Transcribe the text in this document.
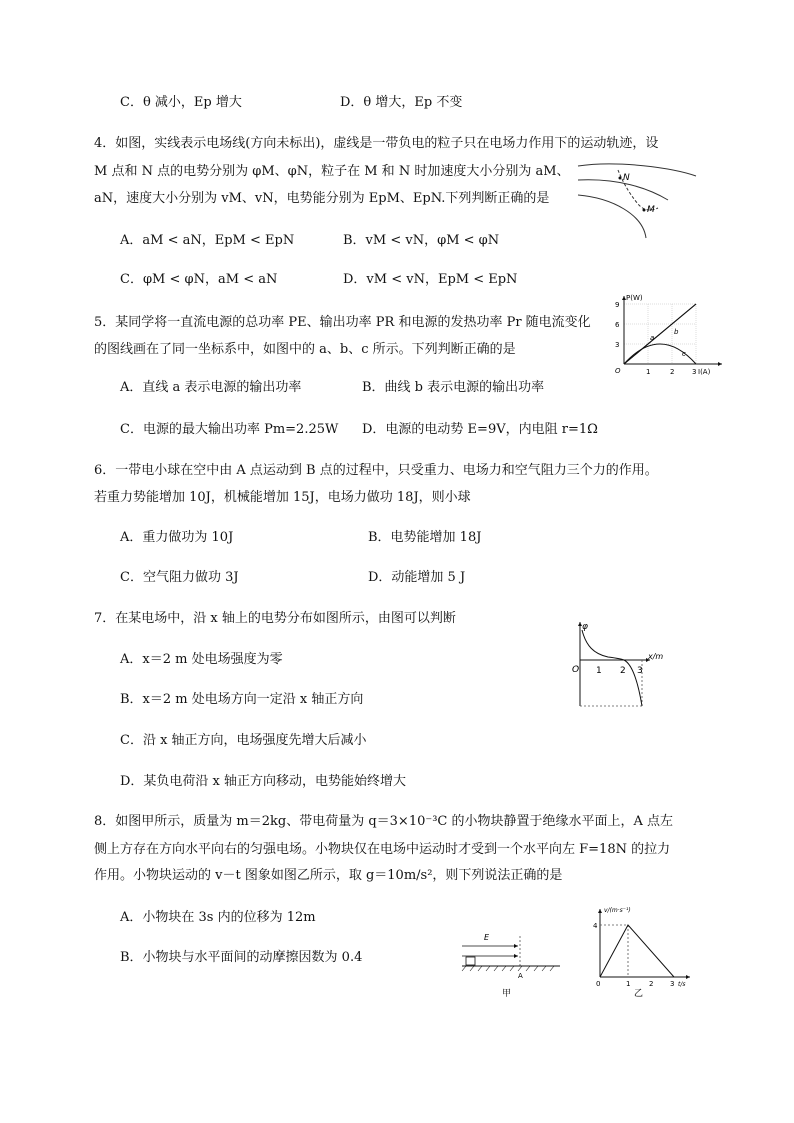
C．θ 减小，Ep 增大	D．θ 增大，Ep 不变
4．如图，实线表示电场线(方向未标出)，虚线是一带负电的粒子只在电场力作用下的运动轨迹，设
M 点和 N 点的电势分别为 φM、φN，粒子在 M 和 N 时加速度大小分别为 aM、
aN，速度大小分别为 vM、vN，电势能分别为 EpM、EpN.下列判断正确的是
A．aM < aN，EpM < EpN	B．vM < vN，φM < φN
C．φM < φN，aM < aN	D．vM < vN，EpM < EpN
N
M
5．某同学将一直流电源的总功率 PE、输出功率 PR 和电源的发热功率 Pr 随电流变化
的图线画在了同一坐标系中，如图中的 a、b、c 所示。下列判断正确的是
A．直线 a 表示电源的输出功率	B．曲线 b 表示电源的输出功率
C．电源的最大输出功率 Pm=2.25W D．电源的电动势 E=9V，内电阻 r=1Ω
P(W)
I(A)
9
6
3
O	1	2	3
a
b
c
6．一带电小球在空中由 A 点运动到 B 点的过程中，只受重力、电场力和空气阻力三个力的作用。
若重力势能增加 10J，机械能增加 15J，电场力做功 18J，则小球
A．重力做功为 10J	B．电势能增加 18J
C．空气阻力做功 3J	D．动能增加 5 J
7．在某电场中，沿 x 轴上的电势分布如图所示，由图可以判断
A．x＝2 m 处电场强度为零
B．x＝2 m 处电场方向一定沿 x 轴正方向
C．沿 x 轴正方向，电场强度先增大后减小
D．某负电荷沿 x 轴正方向移动，电势能始终增大
φ
x/m
O 1 2 3
8．如图甲所示，质量为 m＝2kg、带电荷量为 q＝3×10⁻³C 的小物块静置于绝缘水平面上，A 点左
侧上方存在方向水平向右的匀强电场。小物块仅在电场中运动时才受到一个水平向左 F=18N 的拉力
作用。小物块运动的 v－t 图象如图乙所示，取 g＝10m/s²，则下列说法正确的是
A．小物块在 3s 内的位移为 12m
B．小物块与水平面间的动摩擦因数为 0.4
E
A
甲
v/(m·s⁻¹)
4
0	1	2 3 t/s
乙
